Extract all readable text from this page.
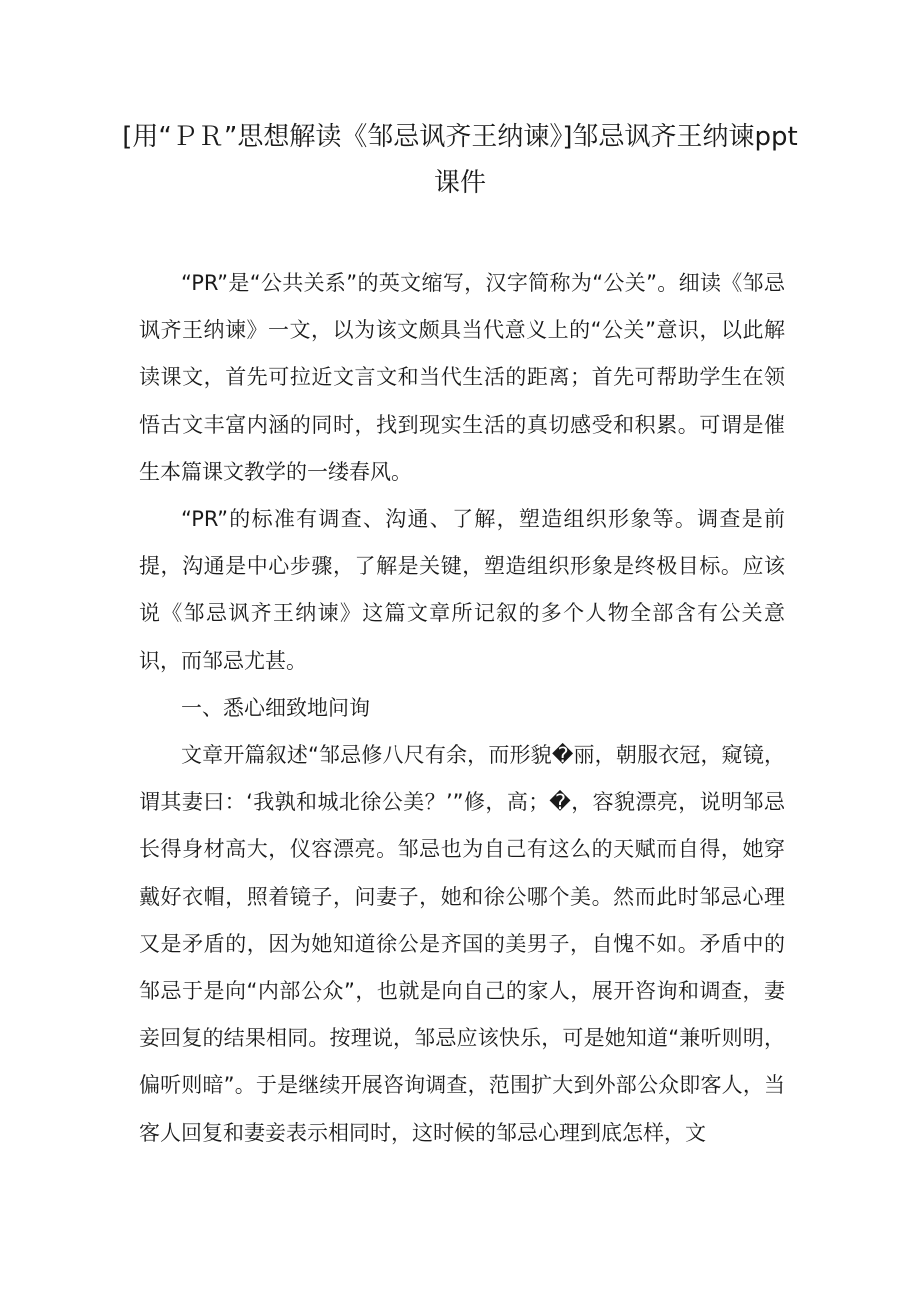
[用“ＰＲ”思想解读《邹忌讽齐王纳谏》]邹忌讽齐王纳谏ppt课件

“PR”是“公共关系”的英文缩写，汉字简称为“公关”。细读《邹忌讽齐王纳谏》一文，以为该文颇具当代意义上的“公关”意识，以此解读课文，首先可拉近文言文和当代生活的距离；首先可帮助学生在领悟古文丰富内涵的同时，找到现实生活的真切感受和积累。可谓是催生本篇课文教学的一缕春风。

“PR”的标准有调查、沟通、了解，塑造组织形象等。调查是前提，沟通是中心步骤，了解是关键，塑造组织形象是终极目标。应该说《邹忌讽齐王纳谏》这篇文章所记叙的多个人物全部含有公关意识，而邹忌尤甚。

一、悉心细致地问询

文章开篇叙述“邹忌修八尺有余，而形貌�丽，朝服衣冠，窥镜，谓其妻曰：‘我孰和城北徐公美？’”修，高；�，容貌漂亮，说明邹忌长得身材高大，仪容漂亮。邹忌也为自己有这么的天赋而自得，她穿戴好衣帽，照着镜子，问妻子，她和徐公哪个美。然而此时邹忌心理又是矛盾的，因为她知道徐公是齐国的美男子，自愧不如。矛盾中的邹忌于是向“内部公众”，也就是向自己的家人，展开咨询和调查，妻妾回复的结果相同。按理说，邹忌应该快乐，可是她知道“兼听则明，偏听则暗”。于是继续开展咨询调查，范围扩大到外部公众即客人，当客人回复和妻妾表示相同时，这时候的邹忌心理到底怎样，文
